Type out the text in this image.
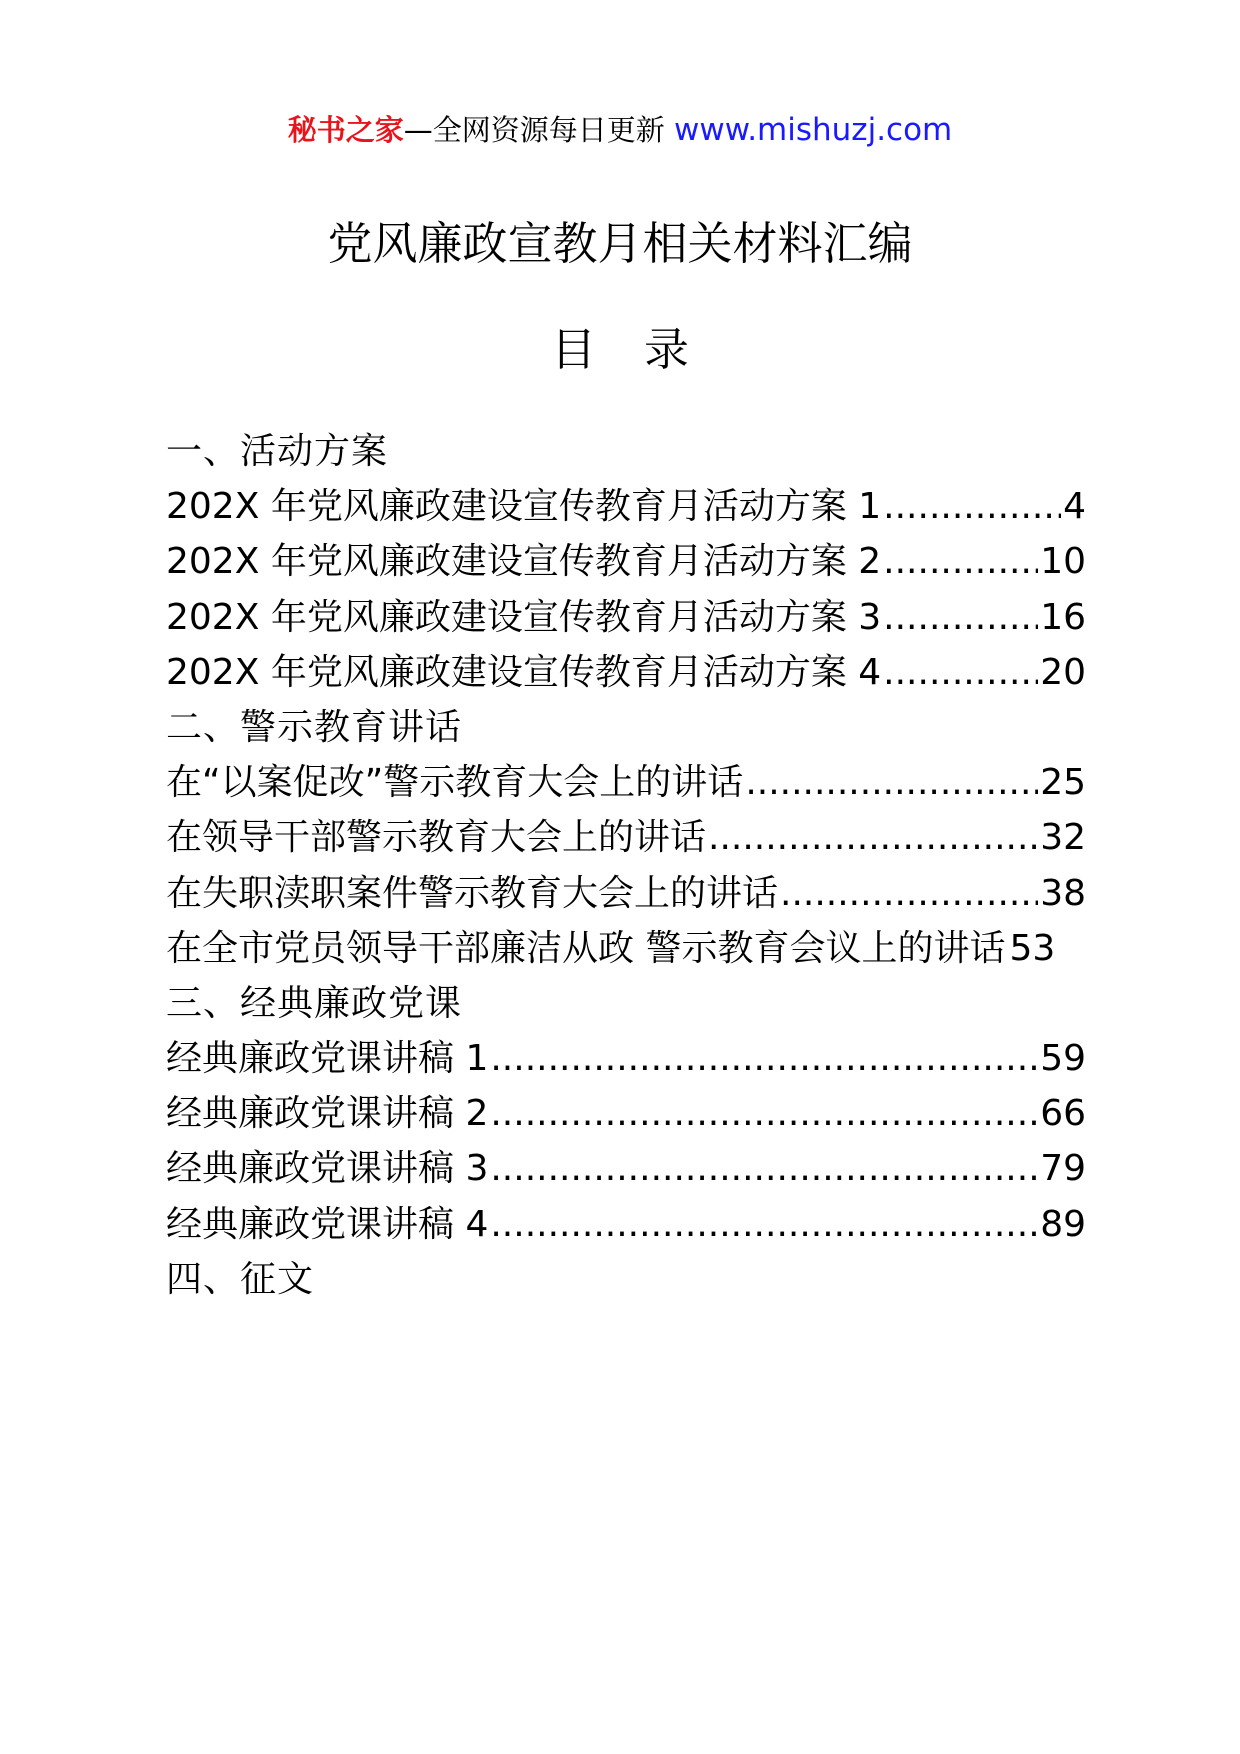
秘书之家—全网资源每日更新 www.mishuzj.com
党风廉政宣教月相关材料汇编
目录
一、活动方案
202X 年党风廉政建设宣传教育月活动方案 1 .....	4
202X 年党风廉政建设宣传教育月活动方案 2 .....	10
202X 年党风廉政建设宣传教育月活动方案 3 .....	16
202X 年党风廉政建设宣传教育月活动方案 4 .....	20
二、警示教育讲话
在“以案促改”警示教育大会上的讲话 .....	25
在领导干部警示教育大会上的讲话 .....	32
在失职渎职案件警示教育大会上的讲话 .....	38
在全市党员领导干部廉洁从政 警示教育会议上的讲话 53
三、经典廉政党课
经典廉政党课讲稿 1 .....	59
经典廉政党课讲稿 2 .....	66
经典廉政党课讲稿 3 .....	79
经典廉政党课讲稿 4 .....	89
四、征文
